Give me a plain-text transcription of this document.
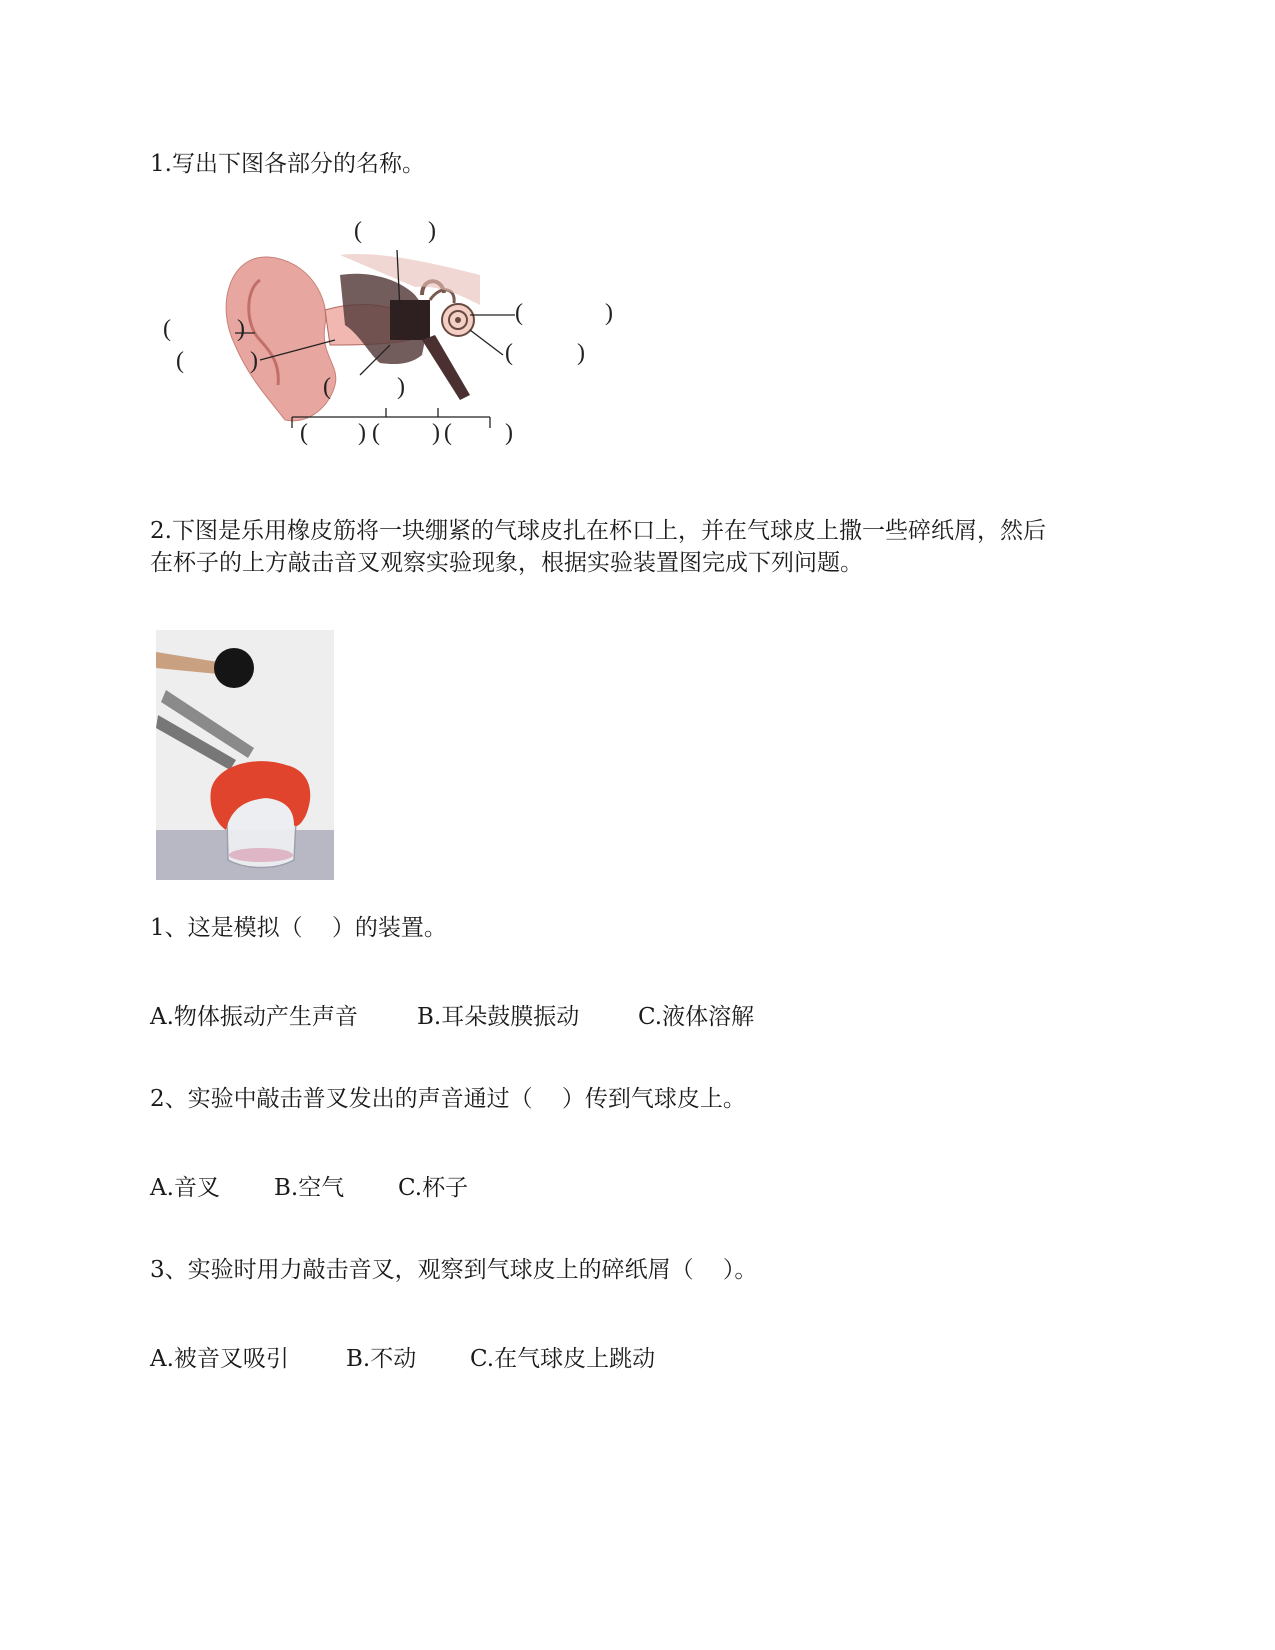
1.写出下图各部分的名称。
(	)
(	)
(	)
(	)
(	)
(	)
( ) ( ) ( )
2.下图是乐用橡皮筋将一块绷紧的气球皮扎在杯口上，并在气球皮上撒一些碎纸屑，然后
在杯子的上方敲击音叉观察实验现象，根据实验装置图完成下列问题。
1、这是模拟（    ）的装置。
A.物体振动产生声音	B.耳朵鼓膜振动	C.液体溶解
2、实验中敲击普叉发出的声音通过（    ）传到气球皮上。
A.音叉 B.空气 C.杯子
3、实验时用力敲击音叉，观察到气球皮上的碎纸屑（    ）。
A.被音叉吸引 B.不动 C.在气球皮上跳动
